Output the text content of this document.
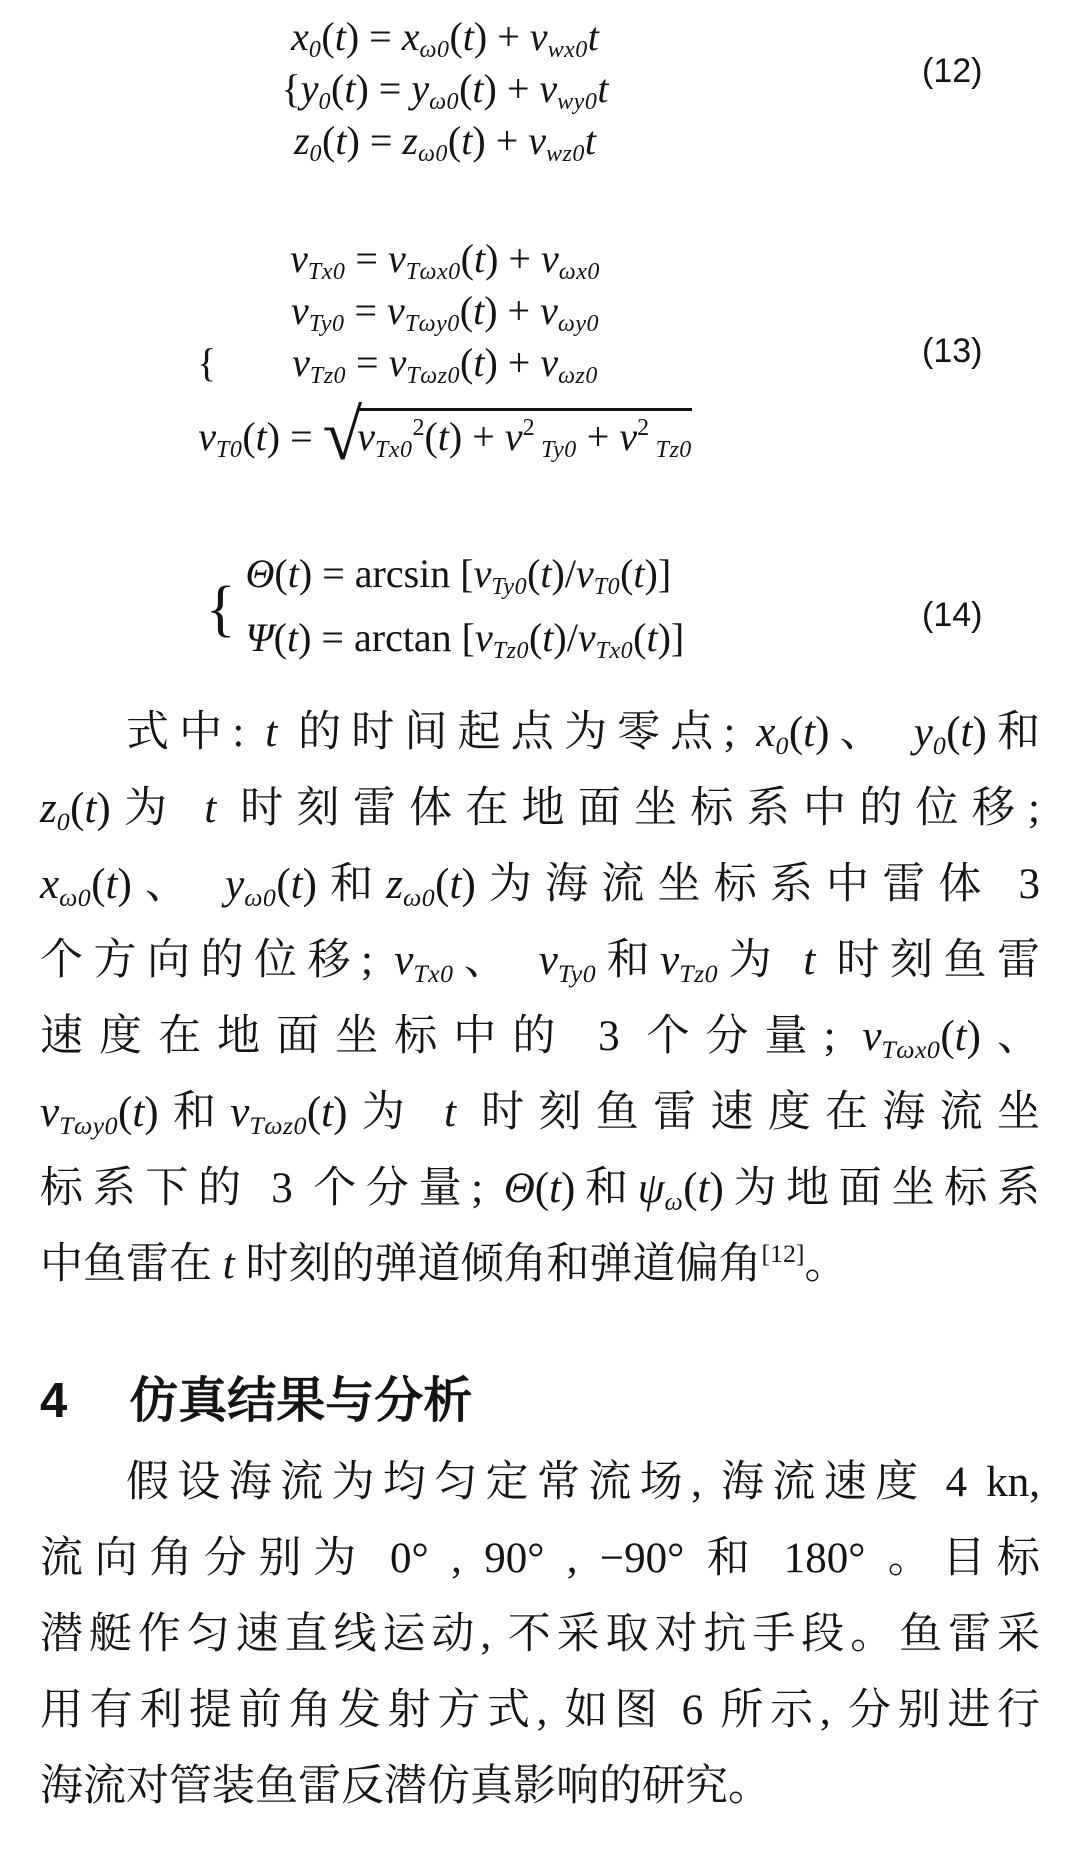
x0(t) = xω0(t) + vwx0t
{y0(t) = yω0(t) + vwy0t
z0(t) = zω0(t) + vwz0t
(12)
vTx0 = vTωx0(t) + vωx0
vTy0 = vTωy0(t) + vωy0
{ vTz0 = vTωz0(t) + vωz0
$vT0(t) = √vTx0^2(t) + v^2$ $Ty0 + v^2$ Tz0
(13)
{
Θ(t) = arcsin [vTy0(t)/vT0(t)]
Ψ(t) = arctan [vTz0(t)/vTx0(t)]	(14)
式中: t 的时间起点为零点; x0(t)、 y0(t)和
z0(t)为 t 时刻雷体在地面坐标系中的位移;
xω0(t)、 yω0(t)和zω0(t)为海流坐标系中雷体 3
个方向的位移; vTx0、 vTy0和vTz0为 t 时刻鱼雷
速度在地面坐标中的 3 个分量; vTωx0(t)、
vTωy0(t)和vTωz0(t)为 t 时刻鱼雷速度在海流坐
标系下的 3 个分量; Θ(t)和ψω(t)为地面坐标系
中鱼雷在 t 时刻的弹道倾角和弹道偏角[12]。
4 仿真结果与分析
假设海流为均匀定常流场, 海流速度 4 kn,
流向角分别为 0° , 90° , −90° 和 180° 。目标
潜艇作匀速直线运动, 不采取对抗手段。鱼雷采
用有利提前角发射方式, 如图 6 所示, 分别进行
海流对管装鱼雷反潜仿真影响的研究。
